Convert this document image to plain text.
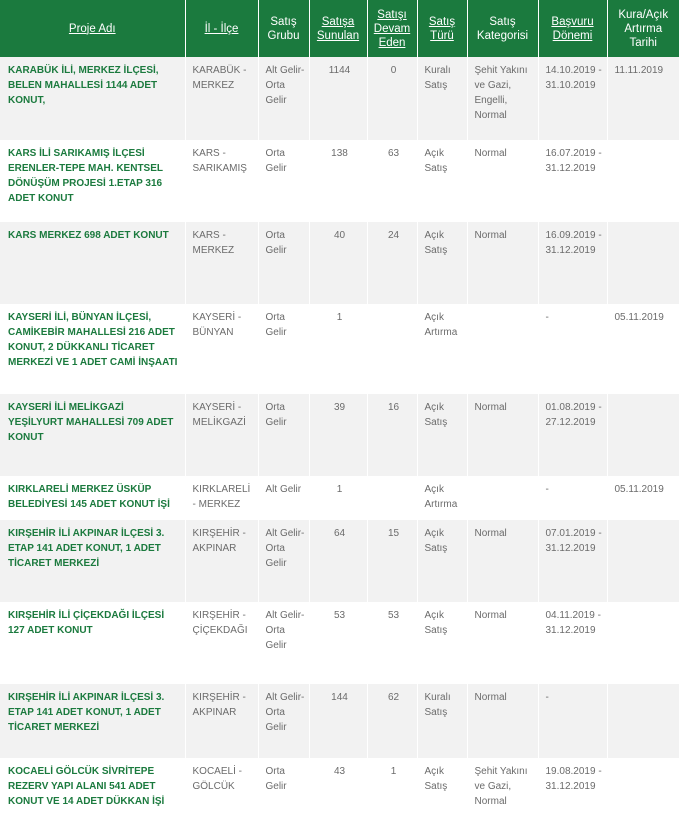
Proje Adı	İl - İlçe	Satış Grubu	Satışa Sunulan	Satışı Devam Eden	Satış Türü	Satış Kategorisi	Başvuru Dönemi	Kura/Açık Artırma Tarihi
KARABÜK İLİ, MERKEZ İLÇESİ, BELEN MAHALLESİ 1144 ADET KONUT,	KARABÜK - MERKEZ	Alt Gelir-Orta Gelir	1144	0	Kuralı Satış	Şehit Yakını ve Gazi, Engelli, Normal	14.10.2019 - 31.10.2019	11.11.2019
KARS İLİ SARIKAMIŞ İLÇESİ ERENLER-TEPE MAH. KENTSEL DÖNÜŞÜM PROJESİ 1.ETAP 316 ADET KONUT	KARS - SARIKAMIŞ	Orta Gelir	138	63	Açık Satış	Normal	16.07.2019 - 31.12.2019	
KARS MERKEZ 698 ADET KONUT	KARS - MERKEZ	Orta Gelir	40	24	Açık Satış	Normal	16.09.2019 - 31.12.2019	
KAYSERİ İLİ, BÜNYAN İLÇESİ, CAMİKEBİR MAHALLESİ 216 ADET KONUT, 2 DÜKKANLI TİCARET MERKEZİ VE 1 ADET CAMİ İNŞAATI	KAYSERİ - BÜNYAN	Orta Gelir	1		Açık Artırma		-	05.11.2019
KAYSERİ İLİ MELİKGAZİ YEŞİLYURT MAHALLESİ 709 ADET KONUT	KAYSERİ - MELİKGAZİ	Orta Gelir	39	16	Açık Satış	Normal	01.08.2019 - 27.12.2019	
KIRKLARELİ MERKEZ ÜSKÜP BELEDİYESİ 145 ADET KONUT İŞİ	KIRKLARELİ - MERKEZ	Alt Gelir	1		Açık Artırma		-	05.11.2019
KIRŞEHİR İLİ AKPINAR İLÇESİ 3. ETAP 141 ADET KONUT, 1 ADET TİCARET MERKEZİ	KIRŞEHİR - AKPINAR	Alt Gelir-Orta Gelir	64	15	Açık Satış	Normal	07.01.2019 - 31.12.2019	
KIRŞEHİR İLİ ÇİÇEKDAĞI İLÇESİ 127 ADET KONUT	KIRŞEHİR - ÇİÇEKDAĞI	Alt Gelir-Orta Gelir	53	53	Açık Satış	Normal	04.11.2019 - 31.12.2019	
KIRŞEHİR İLİ AKPINAR İLÇESİ 3. ETAP 141 ADET KONUT, 1 ADET TİCARET MERKEZİ	KIRŞEHİR - AKPINAR	Alt Gelir-Orta Gelir	144	62	Kuralı Satış	Normal	-	
KOCAELİ GÖLCÜK SİVRİTEPE REZERV YAPI ALANI 541 ADET KONUT VE 14 ADET DÜKKAN İŞİ	KOCAELİ - GÖLCÜK	Orta Gelir	43	1	Açık Satış	Şehit Yakını ve Gazi, Normal	19.08.2019 - 31.12.2019	
